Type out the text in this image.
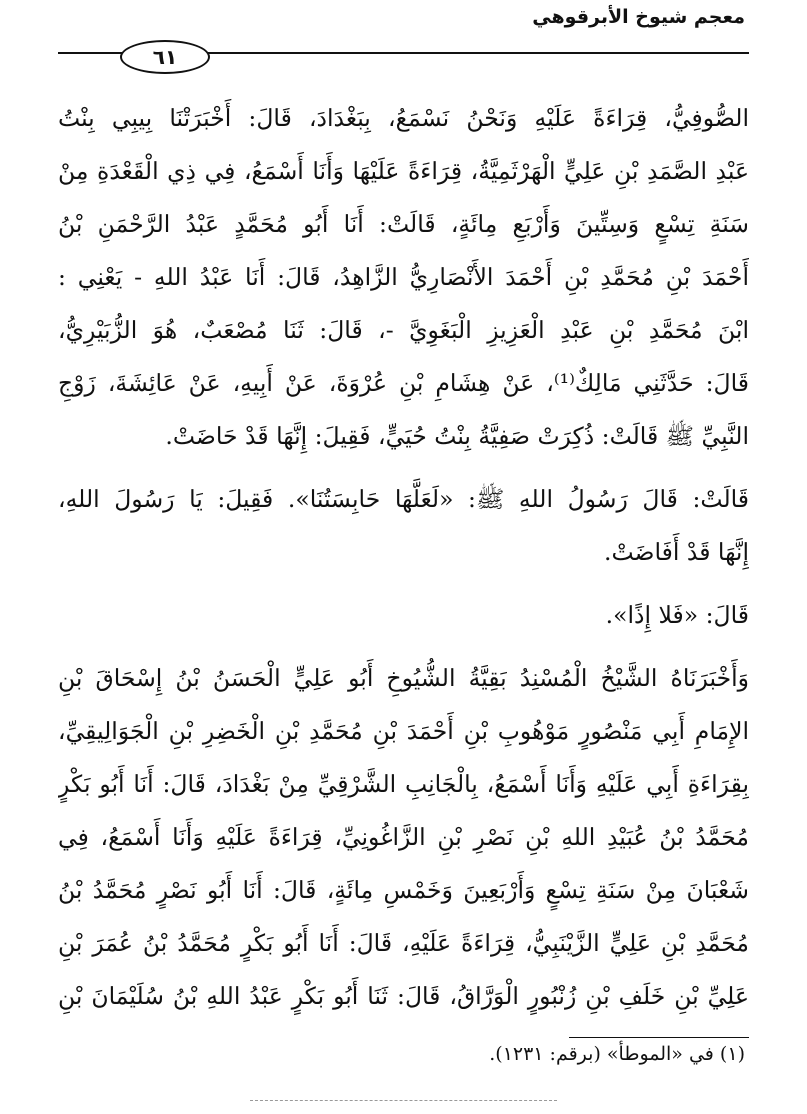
معجم شيوخ الأبرقوهي
٦١
الصُّوفِيُّ، قِرَاءَةً عَلَيْهِ وَنَحْنُ نَسْمَعُ، بِبَغْدَادَ، قَالَ: أَخْبَرَتْنَا بِيبِي بِنْتُ
عَبْدِ الصَّمَدِ بْنِ عَلِيٍّ الْهَرْثَمِيَّةُ، قِرَاءَةً عَلَيْهَا وَأَنَا أَسْمَعُ، فِي ذِي الْقَعْدَةِ مِنْ
سَنَةِ تِسْعٍ وَسِتِّينَ وَأَرْبَعِ مِائَةٍ، قَالَتْ: أَنَا أَبُو مُحَمَّدٍ عَبْدُ الرَّحْمَنِ بْنُ
أَحْمَدَ بْنِ مُحَمَّدِ بْنِ أَحْمَدَ الأَنْصَارِيُّ الزَّاهِدُ، قَالَ: أَنَا عَبْدُ اللهِ - يَعْنِي :
ابْنَ مُحَمَّدِ بْنِ عَبْدِ الْعَزِيزِ الْبَغَوِيَّ -، قَالَ: ثَنَا مُصْعَبٌ، هُوَ الزُّبَيْرِيُّ،
قَالَ: حَدَّثَنِي مَالِكٌ⁽¹⁾، عَنْ هِشَامِ بْنِ عُرْوَةَ، عَنْ أَبِيهِ، عَنْ عَائِشَةَ، زَوْجِ
النَّبِيِّ ﷺ قَالَتْ: ذُكِرَتْ صَفِيَّةُ بِنْتُ حُيَيٍّ، فَقِيلَ: إِنَّهَا قَدْ حَاضَتْ.
قَالَتْ: قَالَ رَسُولُ اللهِ ﷺ: «لَعَلَّهَا حَابِسَتُنَا». فَقِيلَ: يَا رَسُولَ اللهِ،
إِنَّهَا قَدْ أَفَاضَتْ.
قَالَ: «فَلا إِذًا».
وَأَخْبَرَنَاهُ الشَّيْخُ الْمُسْنِدُ بَقِيَّةُ الشُّيُوخِ أَبُو عَلِيٍّ الْحَسَنُ بْنُ إِسْحَاقَ بْنِ
الإِمَامِ أَبِي مَنْصُورٍ مَوْهُوبِ بْنِ أَحْمَدَ بْنِ مُحَمَّدِ بْنِ الْخَضِرِ بْنِ الْجَوَالِيقِيِّ،
بِقِرَاءَةِ أَبِي عَلَيْهِ وَأَنَا أَسْمَعُ، بِالْجَانِبِ الشَّرْقِيِّ مِنْ بَغْدَادَ، قَالَ: أَنَا أَبُو بَكْرٍ
مُحَمَّدُ بْنُ عُبَيْدِ اللهِ بْنِ نَصْرِ بْنِ الزَّاغُونِيِّ، قِرَاءَةً عَلَيْهِ وَأَنَا أَسْمَعُ، فِي
شَعْبَانَ مِنْ سَنَةِ تِسْعٍ وَأَرْبَعِينَ وَخَمْسِ مِائَةٍ، قَالَ: أَنَا أَبُو نَصْرٍ مُحَمَّدُ بْنُ
مُحَمَّدِ بْنِ عَلِيٍّ الزَّيْنَبِيُّ، قِرَاءَةً عَلَيْهِ، قَالَ: أَنَا أَبُو بَكْرٍ مُحَمَّدُ بْنُ عُمَرَ بْنِ
عَلِيِّ بْنِ خَلَفِ بْنِ زُنْبُورٍ الْوَرَّاقُ، قَالَ: ثَنَا أَبُو بَكْرٍ عَبْدُ اللهِ بْنُ سُلَيْمَانَ بْنِ
(١) في «الموطأ» (برقم: ١٢٣١).
